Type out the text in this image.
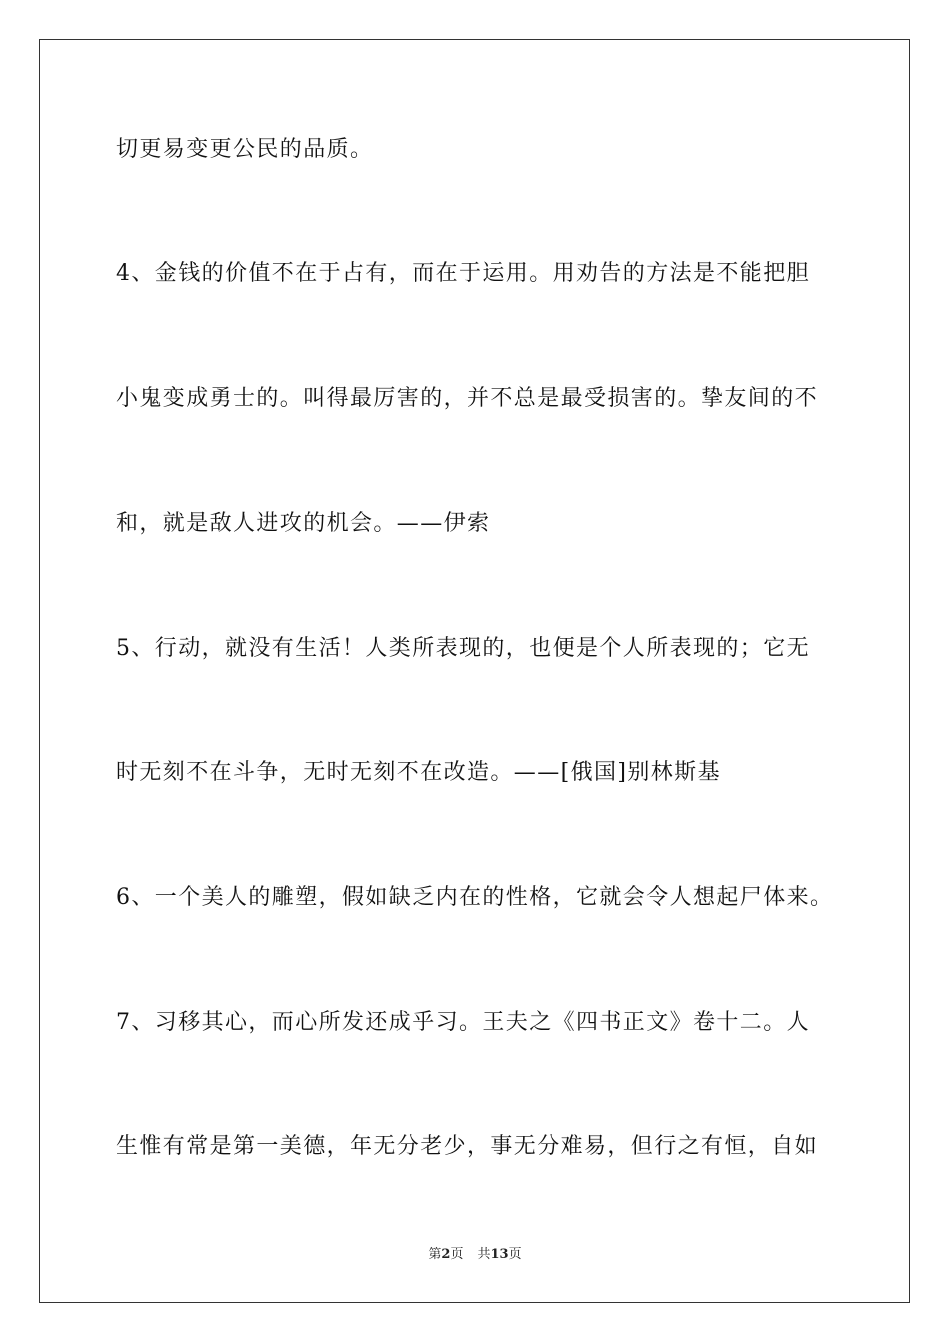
切更易变更公民的品质。
4、金钱的价值不在于占有，而在于运用。用劝告的方法是不能把胆
小鬼变成勇士的。叫得最厉害的，并不总是最受损害的。挚友间的不
和，就是敌人进攻的机会。——伊索
5、行动，就没有生活！人类所表现的，也便是个人所表现的；它无
时无刻不在斗争，无时无刻不在改造。——[俄国]别林斯基
6、一个美人的雕塑，假如缺乏内在的性格，它就会令人想起尸体来。
7、习移其心，而心所发还成乎习。王夫之《四书正文》卷十二。人
生惟有常是第一美德，年无分老少，事无分难易，但行之有恒，自如
第2页 共13页
